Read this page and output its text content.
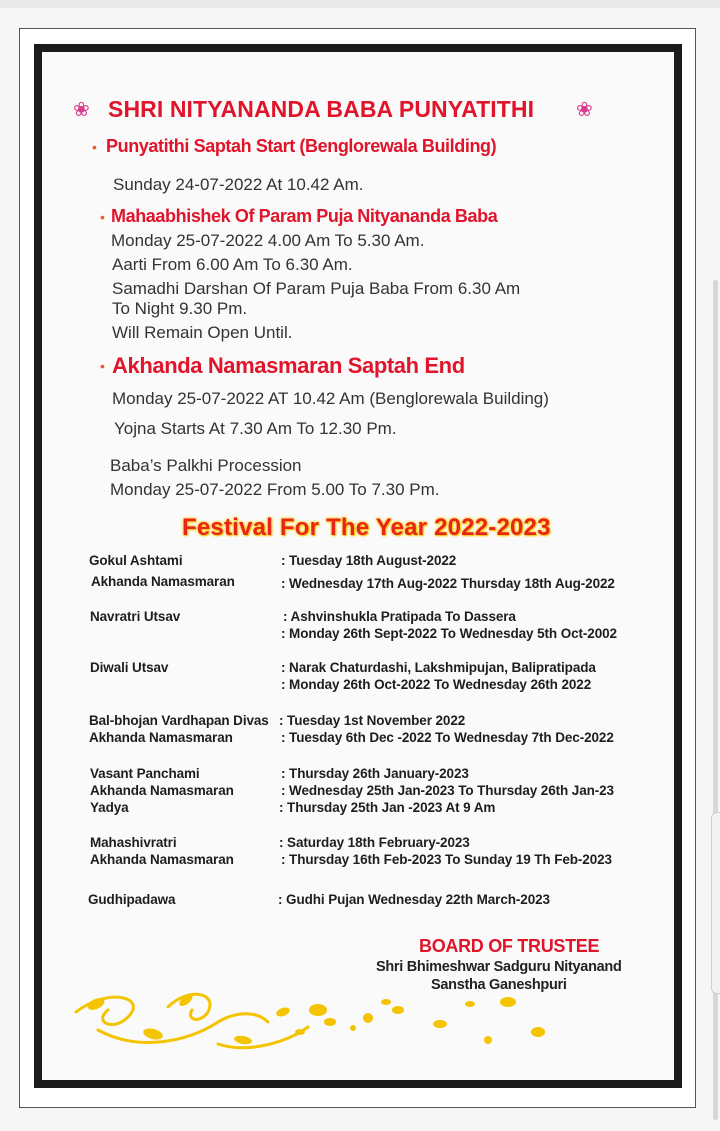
❀ SHRI NITYANANDA BABA PUNYATITHI ❀
• Punyatithi Saptah Start (Benglorewala Building)
Sunday 24-07-2022 At 10.42 Am.
• Mahaabhishek Of Param Puja Nityananda Baba
Monday 25-07-2022 4.00 Am To 5.30 Am.
Aarti From 6.00 Am To 6.30 Am.
Samadhi Darshan Of Param Puja Baba From 6.30 Am
To Night 9.30 Pm.
Will Remain Open Until.
• Akhanda Namasmaran Saptah End
Monday 25-07-2022 AT 10.42 Am (Benglorewala Building)
Yojna Starts At 7.30 Am To 12.30 Pm.
Baba’s Palkhi Procession
Monday 25-07-2022 From 5.00 To 7.30 Pm.
Festival For The Year 2022-2023
Gokul Ashtami	: Tuesday 18th August-2022
Akhanda Namasmaran	: Wednesday 17th Aug-2022 Thursday 18th Aug-2022
Navratri Utsav	: Ashvinshukla Pratipada To Dassera
: Monday 26th Sept-2022 To Wednesday 5th Oct-2002
Diwali Utsav	: Narak Chaturdashi, Lakshmipujan, Balipratipada
: Monday 26th Oct-2022 To Wednesday 26th 2022
Bal-bhojan Vardhapan Divas : Tuesday 1st November 2022
Akhanda Namasmaran	: Tuesday 6th Dec -2022 To Wednesday 7th Dec-2022
Vasant Panchami	: Thursday 26th January-2023
Akhanda Namasmaran	: Wednesday 25th Jan-2023 To Thursday 26th Jan-23
Yadya	: Thursday 25th Jan -2023 At 9 Am
Mahashivratri	: Saturday 18th February-2023
Akhanda Namasmaran	: Thursday 16th Feb-2023 To Sunday 19 Th Feb-2023
Gudhipadawa	: Gudhi Pujan Wednesday 22th March-2023
BOARD OF TRUSTEE
Shri Bhimeshwar Sadguru Nityanand
Sanstha Ganeshpuri
